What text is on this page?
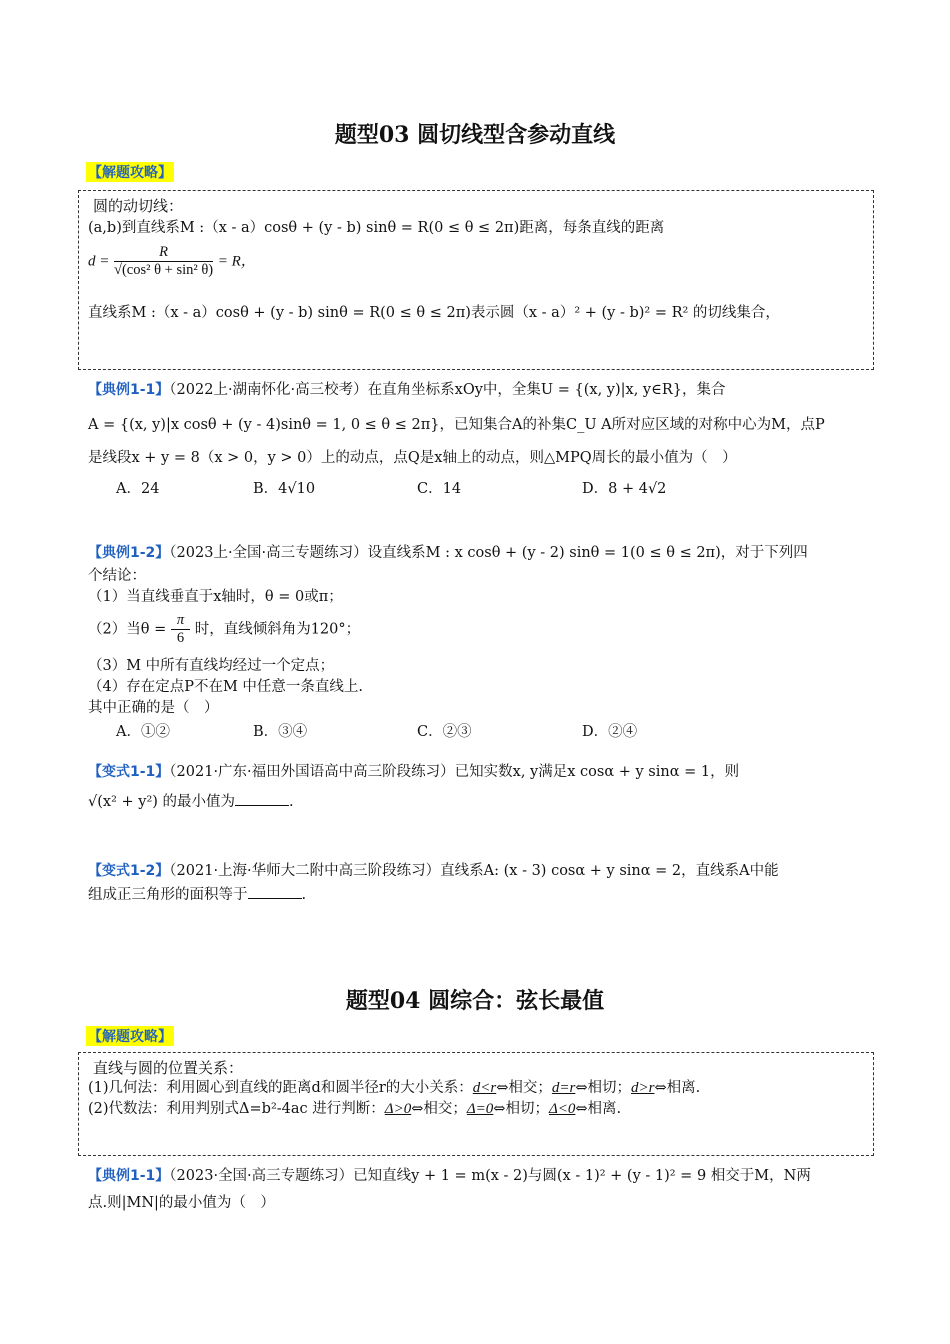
题型03 圆切线型含参动直线
【解题攻略】
圆的动切线：
(a,b)到直线系M :（x - a）cosθ + (y - b) sinθ = R(0 ≤ θ ≤ 2π)距离，每条直线的距离
$d = \frac{R}{\text{√(cos² θ + sin² θ)}} = R$，
直线系M :（x - a）cosθ + (y - b) sinθ = R(0 ≤ θ ≤ 2π)表示圆（x - a）² + (y - b)² = R² 的切线集合，
【典例1-1】（2022上·湖南怀化·高三校考）在直角坐标系xOy中，全集U = {(x, y)|x, y∈R}，集合
A = {(x, y)|x cosθ + (y - 4)sinθ = 1, 0 ≤ θ ≤ 2π}，已知集合A的补集C_U A所对应区域的对称中心为M，点P
是线段x + y = 8（x > 0，y > 0）上的动点，点Q是x轴上的动点，则△MPQ周长的最小值为（　）
A．24	B．4√10	C．14	D．8 + 4√2
【典例1-2】（2023上·全国·高三专题练习）设直线系M : x cosθ + (y - 2) sinθ = 1(0 ≤ θ ≤ 2π)，对于下列四
个结论：
（1）当直线垂直于x轴时，θ = 0或π；
（2）当$\theta = \frac{\pi}{6}$ 时，直线倾斜角为120°；
（3）M 中所有直线均经过一个定点；
（4）存在定点P不在M 中任意一条直线上.
其中正确的是（　）
A．①②	B．③④	C．②③	D．②④
【变式1-1】（2021·广东·福田外国语高中高三阶段练习）已知实数x, y满足x cosα + y sinα = 1，则
√(x² + y²) 的最小值为	.
【变式1-2】（2021·上海·华师大二附中高三阶段练习）直线系A: (x - 3) cosα + y sinα = 2，直线系A中能
组成正三角形的面积等于	.
题型04 圆综合：弦长最值
【解题攻略】
直线与圆的位置关系：
(1)几何法：利用圆心到直线的距离d和圆半径r的大小关系：d<r⇔相交；d=r⇔相切；d>r⇔相离.
(2)代数法：利用判别式Δ=b²-4ac 进行判断：Δ>0⇔相交；Δ=0⇔相切；Δ<0⇔相离.
【典例1-1】（2023·全国·高三专题练习）已知直线y + 1 = m(x - 2)与圆(x - 1)² + (y - 1)² = 9 相交于M，N两
点.则|MN|的最小值为（　）
